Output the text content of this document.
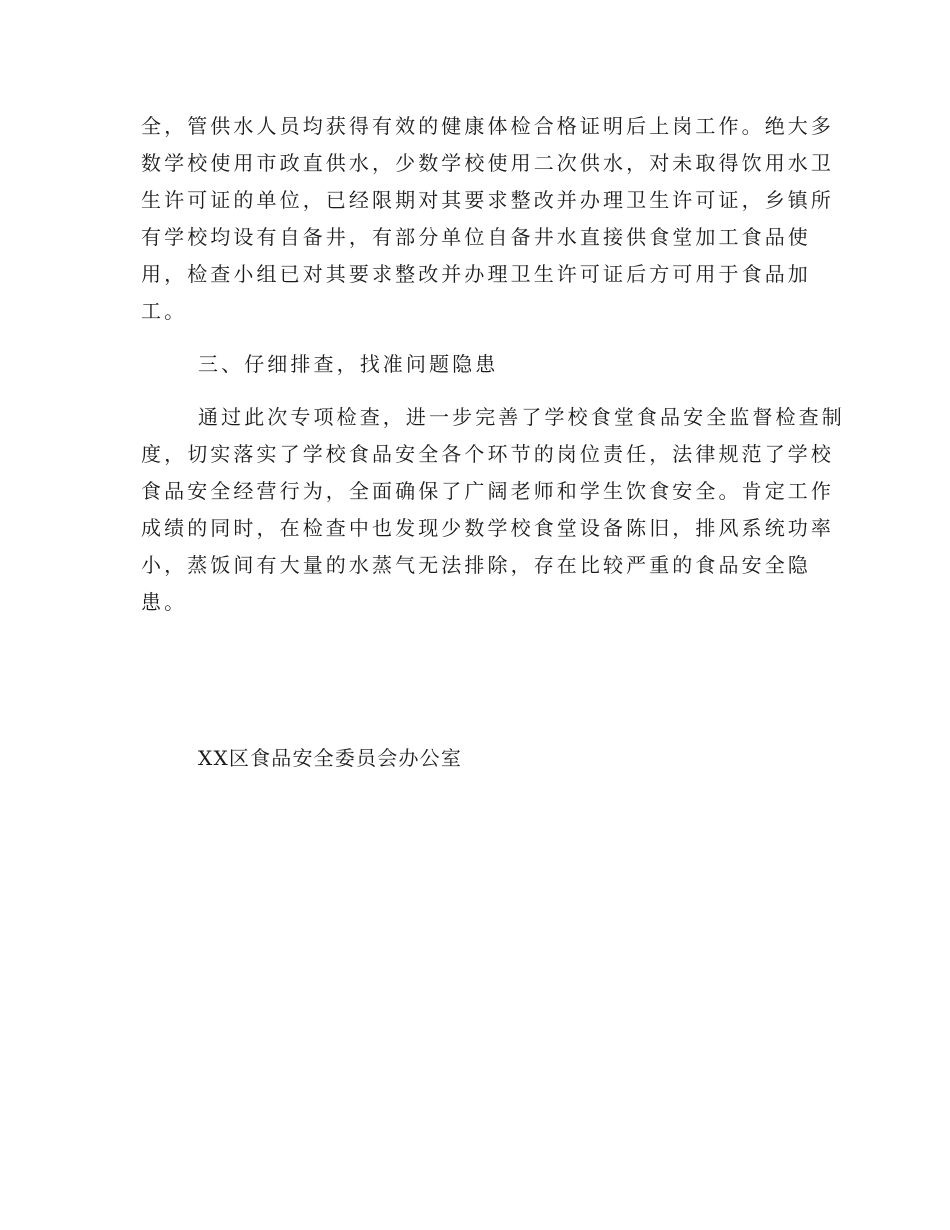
全，管供水人员均获得有效的健康体检合格证明后上岗工作。绝大多
数学校使用市政直供水，少数学校使用二次供水，对未取得饮用水卫
生许可证的单位，已经限期对其要求整改并办理卫生许可证，乡镇所
有学校均设有自备井，有部分单位自备井水直接供食堂加工食品使
用，检查小组已对其要求整改并办理卫生许可证后方可用于食品加
工。
三、仔细排查，找准问题隐患
通过此次专项检查，进一步完善了学校食堂食品安全监督检查制
度，切实落实了学校食品安全各个环节的岗位责任，法律规范了学校
食品安全经营行为，全面确保了广阔老师和学生饮食安全。肯定工作
成绩的同时，在检查中也发现少数学校食堂设备陈旧，排风系统功率
小，蒸饭间有大量的水蒸气无法排除，存在比较严重的食品安全隐
患。
XX区食品安全委员会办公室
